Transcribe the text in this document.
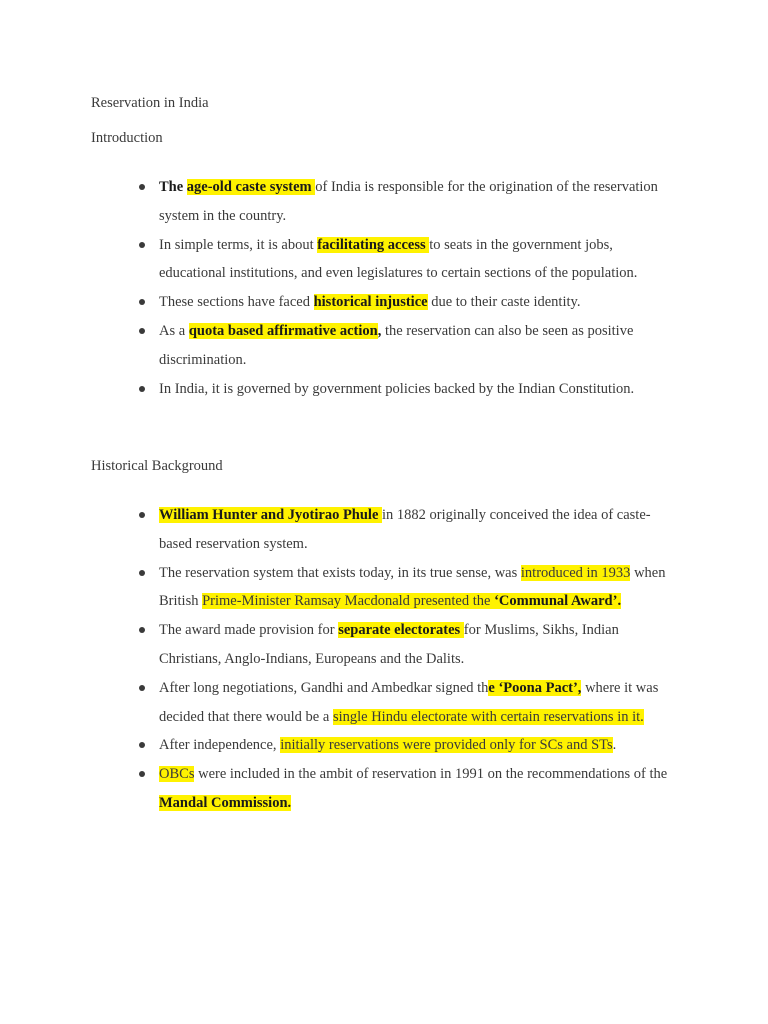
Reservation in India
Introduction
The age-old caste system of India is responsible for the origination of the reservation system in the country.
In simple terms, it is about facilitating access to seats in the government jobs, educational institutions, and even legislatures to certain sections of the population.
These sections have faced historical injustice due to their caste identity.
As a quota based affirmative action, the reservation can also be seen as positive discrimination.
In India, it is governed by government policies backed by the Indian Constitution.
Historical Background
William Hunter and Jyotirao Phule in 1882 originally conceived the idea of caste-based reservation system.
The reservation system that exists today, in its true sense, was introduced in 1933 when British Prime-Minister Ramsay Macdonald presented the ‘Communal Award’.
The award made provision for separate electorates for Muslims, Sikhs, Indian Christians, Anglo-Indians, Europeans and the Dalits.
After long negotiations, Gandhi and Ambedkar signed the ‘Poona Pact’, where it was decided that there would be a single Hindu electorate with certain reservations in it.
After independence, initially reservations were provided only for SCs and STs.
OBCs were included in the ambit of reservation in 1991 on the recommendations of the Mandal Commission.
